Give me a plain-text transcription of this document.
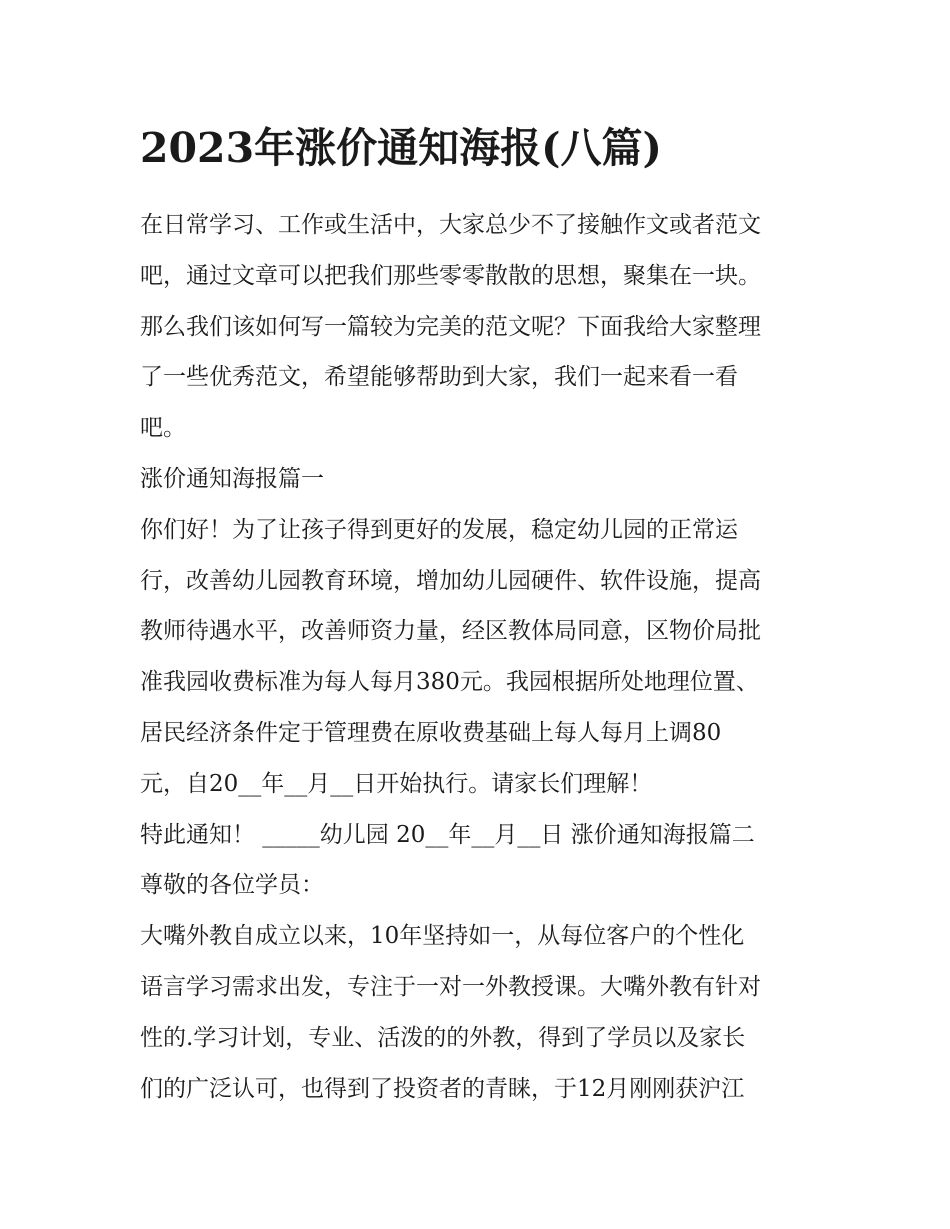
2023年涨价通知海报(八篇)
在日常学习、工作或生活中，大家总少不了接触作文或者范文
吧，通过文章可以把我们那些零零散散的思想，聚集在一块。
那么我们该如何写一篇较为完美的范文呢？下面我给大家整理
了一些优秀范文，希望能够帮助到大家，我们一起来看一看
吧。
涨价通知海报篇一
你们好！为了让孩子得到更好的发展，稳定幼儿园的正常运
行，改善幼儿园教育环境，增加幼儿园硬件、软件设施，提高
教师待遇水平，改善师资力量，经区教体局同意，区物价局批
准我园收费标准为每人每月380元。我园根据所处地理位置、
居民经济条件定于管理费在原收费基础上每人每月上调80
元，自20__年__月__日开始执行。请家长们理解！
特此通知！ _____幼儿园 20__年__月__日 涨价通知海报篇二
尊敬的各位学员：
大嘴外教自成立以来，10年坚持如一，从每位客户的个性化
语言学习需求出发，专注于一对一外教授课。大嘴外教有针对
性的.学习计划，专业、活泼的的外教，得到了学员以及家长
们的广泛认可，也得到了投资者的青睐，于12月刚刚获沪江
